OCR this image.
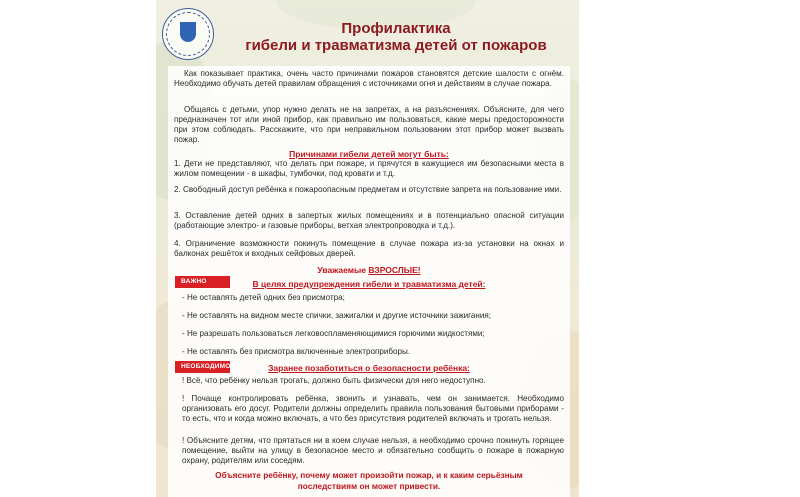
Профилактика
гибели и травматизма детей от пожаров

Как показывает практика, очень часто причинами пожаров становятся детские шалости с огнём. Необходимо обучать детей правилам обращения с источниками огня и действиям в случае пожара.

Общаясь с детьми, упор нужно делать не на запретах, а на разъяснениях. Объясните, для чего предназначен тот или иной прибор, как правильно им пользоваться, какие меры предосторожности при этом соблюдать. Расскажите, что при неправильном пользовании этот прибор может вызвать пожар.

Причинами гибели детей могут быть:

1. Дети не представляют, что делать при пожаре, и прячутся в кажущиеся им безопасными места в жилом помещении - в шкафы, тумбочки, под кровати и т.д.

2. Свободный доступ ребёнка к пожароопасным предметам и отсутствие запрета на пользование ими.

3. Оставление детей одних в запертых жилых помещениях и в потенциально опасной ситуации (работающие электро- и газовые приборы, ветхая электропроводка и т.д.).

4. Ограничение возможности покинуть помещение в случае пожара из-за установки на окнах и балконах решёток и входных сейфовых дверей.

Уважаемые ВЗРОСЛЫЕ!
ВАЖНО	В целях предупреждения гибели и травматизма детей:

- Не оставлять детей одних без присмотра;

- Не оставлять на видном месте спички, зажигалки и другие источники зажигания;

- Не разрешать пользоваться легковоспламеняющимися горючими жидкостями;

- Не оставлять без присмотра включенные электроприборы.

НЕОБХОДИМО	Заранее позаботиться о безопасности ребёнка:

! Всё, что ребёнку нельзя трогать, должно быть физически для него недоступно.

! Почаще контролировать ребёнка, звонить и узнавать, чем он занимается. Необходимо организовать его досуг. Родители должны определить правила пользования бытовыми приборами - то есть, что и когда можно включать, а что без присутствия родителей включать и трогать нельзя.

! Объясните детям, что прятаться ни в коем случае нельзя, а необходимо срочно покинуть горящее помещение, выйти на улицу в безопасное место и обязательно сообщить о пожаре в пожарную охрану, родителям или соседям.

Объясните ребёнку, почему может произойти пожар, и к каким серьёзным
последствиям он может привести.
